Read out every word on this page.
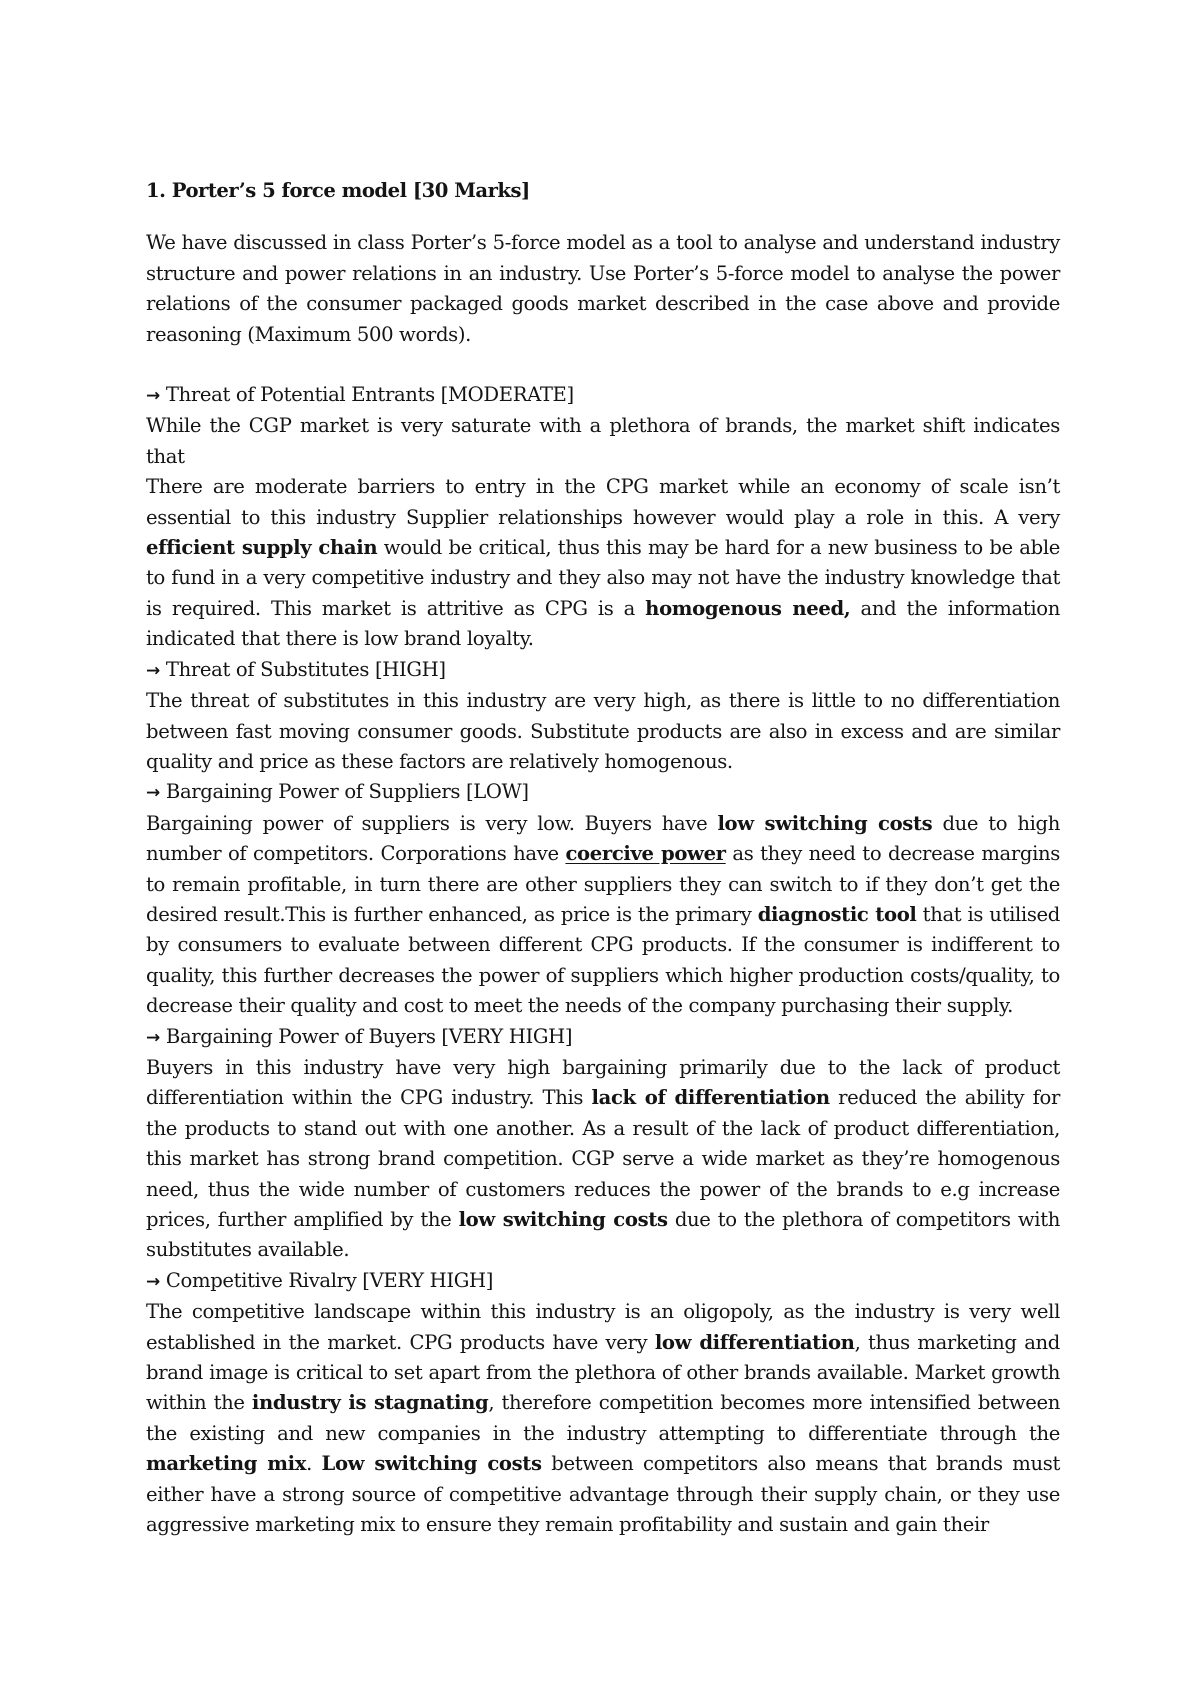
1. Porter’s 5 force model [30 Marks]

We have discussed in class Porter’s 5-force model as a tool to analyse and understand industry structure and power relations in an industry. Use Porter’s 5-force model to analyse the power relations of the consumer packaged goods market described in the case above and provide reasoning (Maximum 500 words).

→ Threat of Potential Entrants [MODERATE]

While the CGP market is very saturate with a plethora of brands, the market shift indicates that

There are moderate barriers to entry in the CPG market while an economy of scale isn’t essential to this industry Supplier relationships however would play a role in this. A very efficient supply chain would be critical, thus this may be hard for a new business to be able to fund in a very competitive industry and they also may not have the industry knowledge that is required. This market is attritive as CPG is a homogenous need, and the information indicated that there is low brand loyalty.

→ Threat of Substitutes [HIGH]

The threat of substitutes in this industry are very high, as there is little to no differentiation between fast moving consumer goods. Substitute products are also in excess and are similar quality and price as these factors are relatively homogenous.

→ Bargaining Power of Suppliers [LOW]

Bargaining power of suppliers is very low. Buyers have low switching costs due to high number of competitors. Corporations have coercive power as they need to decrease margins to remain profitable, in turn there are other suppliers they can switch to if they don’t get the desired result.This is further enhanced, as price is the primary diagnostic tool that is utilised by consumers to evaluate between different CPG products. If the consumer is indifferent to quality, this further decreases the power of suppliers which higher production costs/quality, to decrease their quality and cost to meet the needs of the company purchasing their supply.

→ Bargaining Power of Buyers [VERY HIGH]

Buyers in this industry have very high bargaining primarily due to the lack of product differentiation within the CPG industry. This lack of differentiation reduced the ability for the products to stand out with one another. As a result of the lack of product differentiation, this market has strong brand competition. CGP serve a wide market as they’re homogenous need, thus the wide number of customers reduces the power of the brands to e.g increase prices, further amplified by the low switching costs due to the plethora of competitors with substitutes available.

→ Competitive Rivalry [VERY HIGH]

The competitive landscape within this industry is an oligopoly, as the industry is very well established in the market. CPG products have very low differentiation, thus marketing and brand image is critical to set apart from the plethora of other brands available. Market growth within the industry is stagnating, therefore competition becomes more intensified between the existing and new companies in the industry attempting to differentiate through the marketing mix. Low switching costs between competitors also means that brands must either have a strong source of competitive advantage through their supply chain, or they use aggressive marketing mix to ensure they remain profitability and sustain and gain their
